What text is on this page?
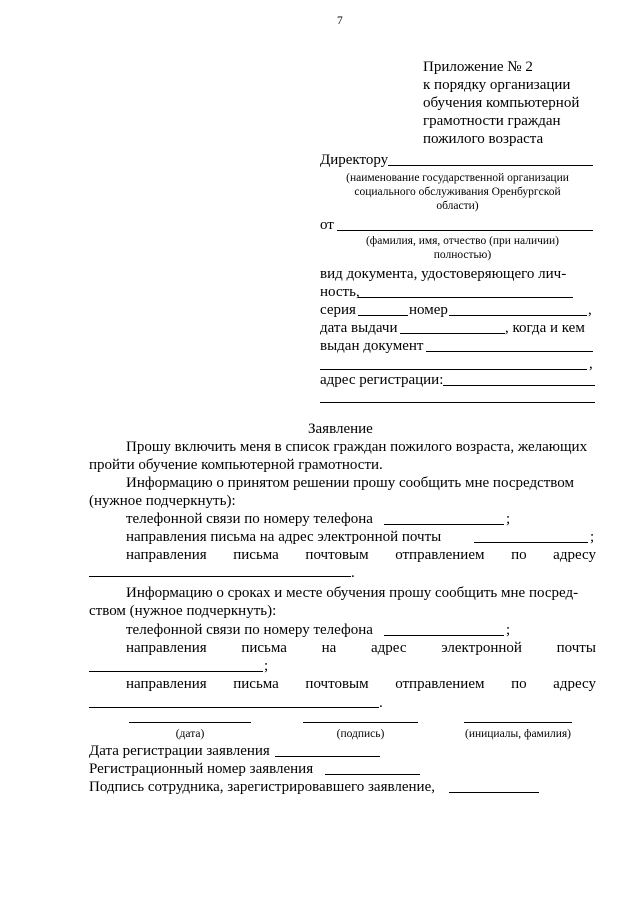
7
Приложение № 2
к порядку организации
обучения компьютерной
грамотности граждан
пожилого возраста
Директору
(наименование государственной организации
социального обслуживания Оренбургской
области)
от
(фамилия, имя, отчество (при наличии)
полностью)
вид документа, удостоверяющего лич-
ность,
серия	номер	,
дата выдачи	, когда и кем
выдан документ
,
адрес регистрации:
Заявление
Прошу включить меня в список граждан пожилого возраста, желающих
пройти обучение компьютерной грамотности.
Информацию о принятом решении прошу сообщить мне посредством
(нужное подчеркнуть):
телефонной связи по номеру телефона	;
направления письма на адрес электронной почты	;
направления письма почтовым отправлением по адресу
.
Информацию о сроках и месте обучения прошу сообщить мне посред-
ством (нужное подчеркнуть):
телефонной связи по номеру телефона	;
направления письма на адрес электронной почты
;
направления письма почтовым отправлением по адресу
.
(дата)	(подпись)	(инициалы, фамилия)
Дата регистрации заявления
Регистрационный номер заявления
Подпись сотрудника, зарегистрировавшего заявление,
